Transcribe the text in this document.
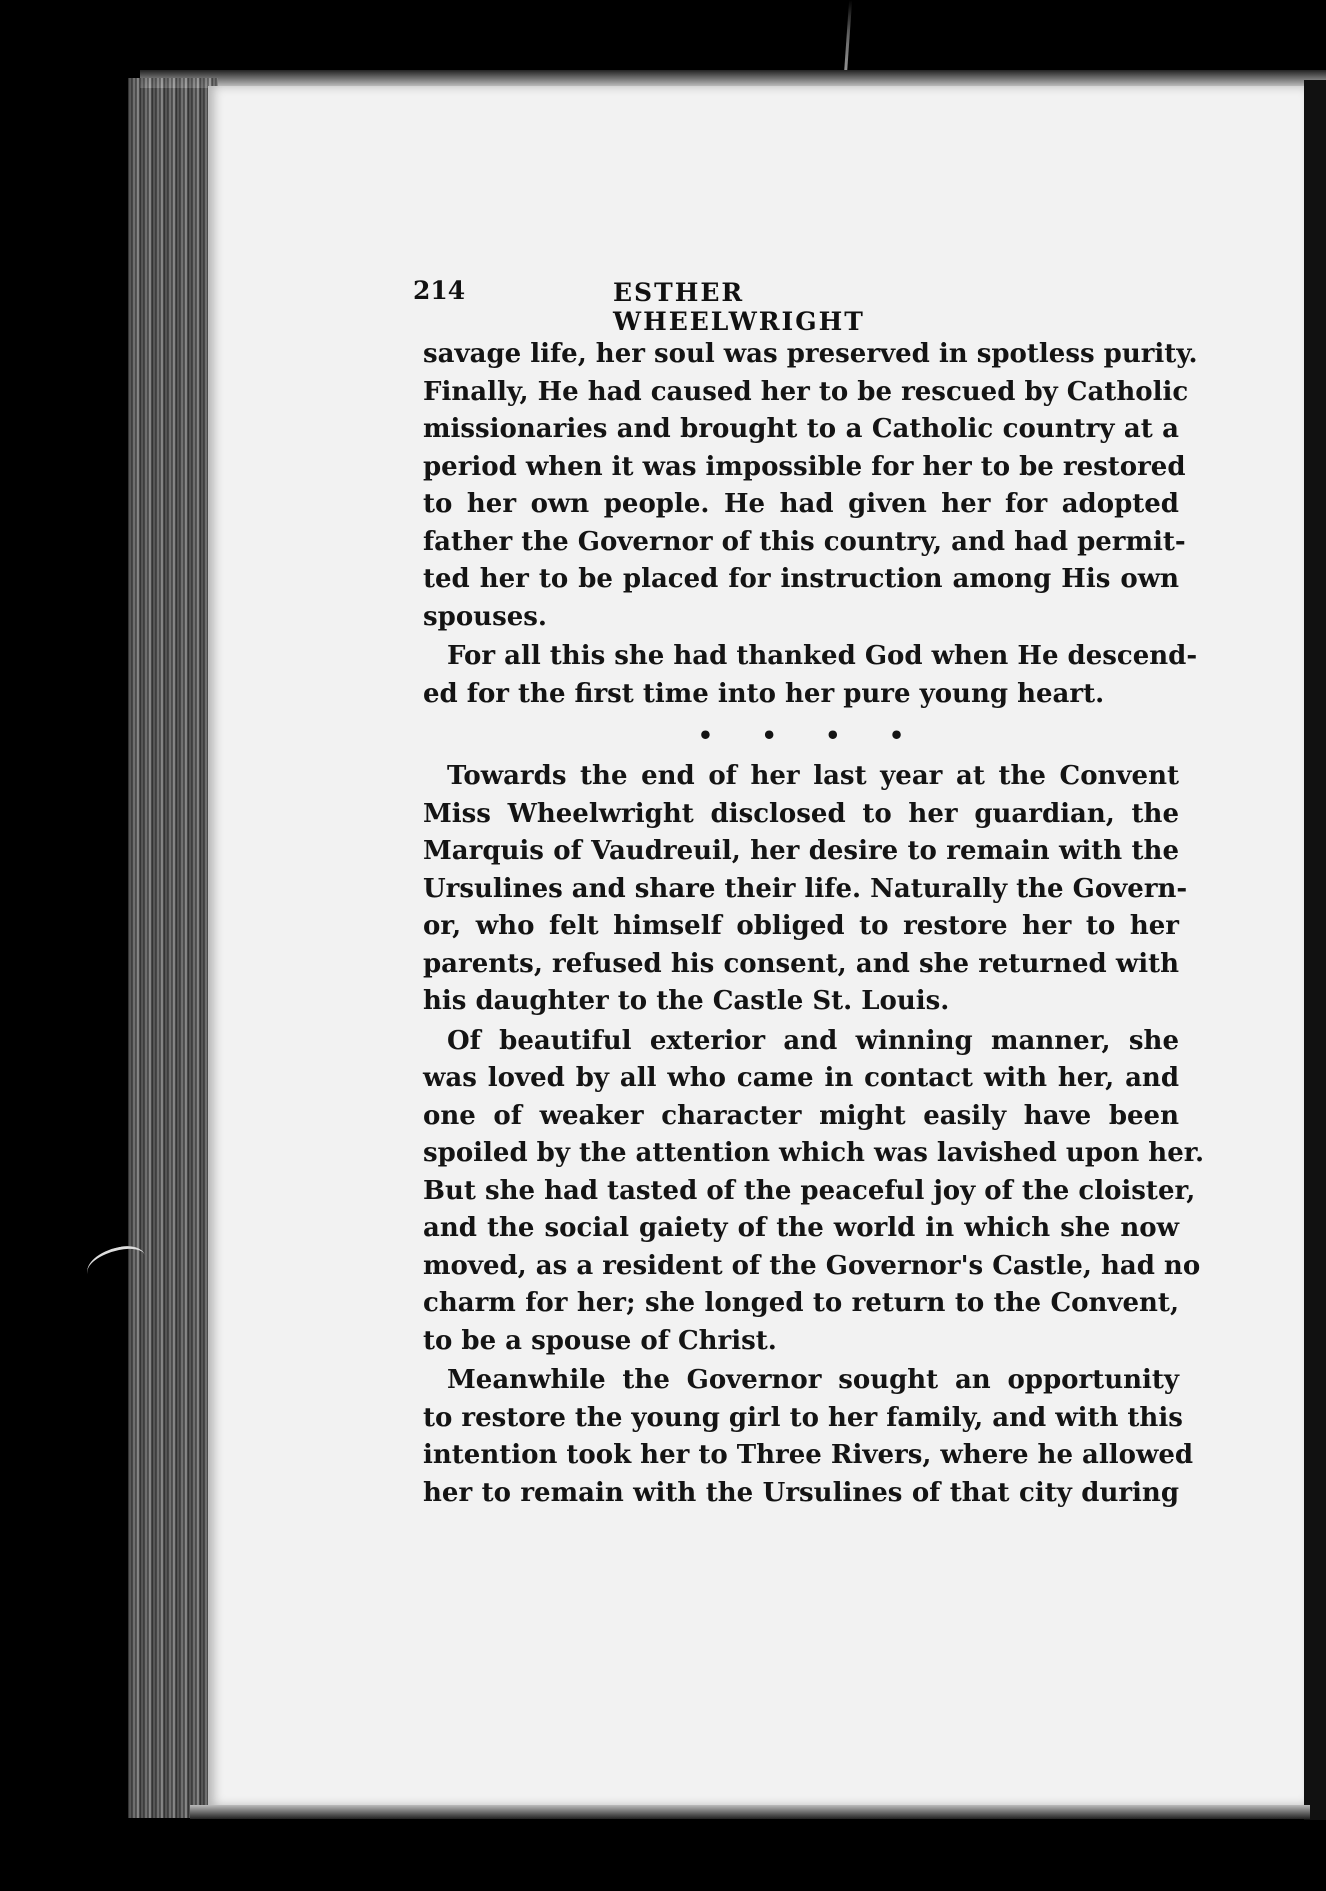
214	ESTHER WHEELWRIGHT
savage life, her soul was preserved in spotless purity.
Finally, He had caused her to be rescued by Catholic
missionaries and brought to a Catholic country at a
period when it was impossible for her to be restored
to her own people. He had given her for adopted
father the Governor of this country, and had permit-
ted her to be placed for instruction among His own
spouses.
For all this she had thanked God when He descend-
ed for the first time into her pure young heart.
• • • •
Towards the end of her last year at the Convent
Miss Wheelwright disclosed to her guardian, the
Marquis of Vaudreuil, her desire to remain with the
Ursulines and share their life. Naturally the Govern-
or, who felt himself obliged to restore her to her
parents, refused his consent, and she returned with
his daughter to the Castle St. Louis.
Of beautiful exterior and winning manner, she
was loved by all who came in contact with her, and
one of weaker character might easily have been
spoiled by the attention which was lavished upon her.
But she had tasted of the peaceful joy of the cloister,
and the social gaiety of the world in which she now
moved, as a resident of the Governor's Castle, had no
charm for her; she longed to return to the Convent,
to be a spouse of Christ.
Meanwhile the Governor sought an opportunity
to restore the young girl to her family, and with this
intention took her to Three Rivers, where he allowed
her to remain with the Ursulines of that city during
